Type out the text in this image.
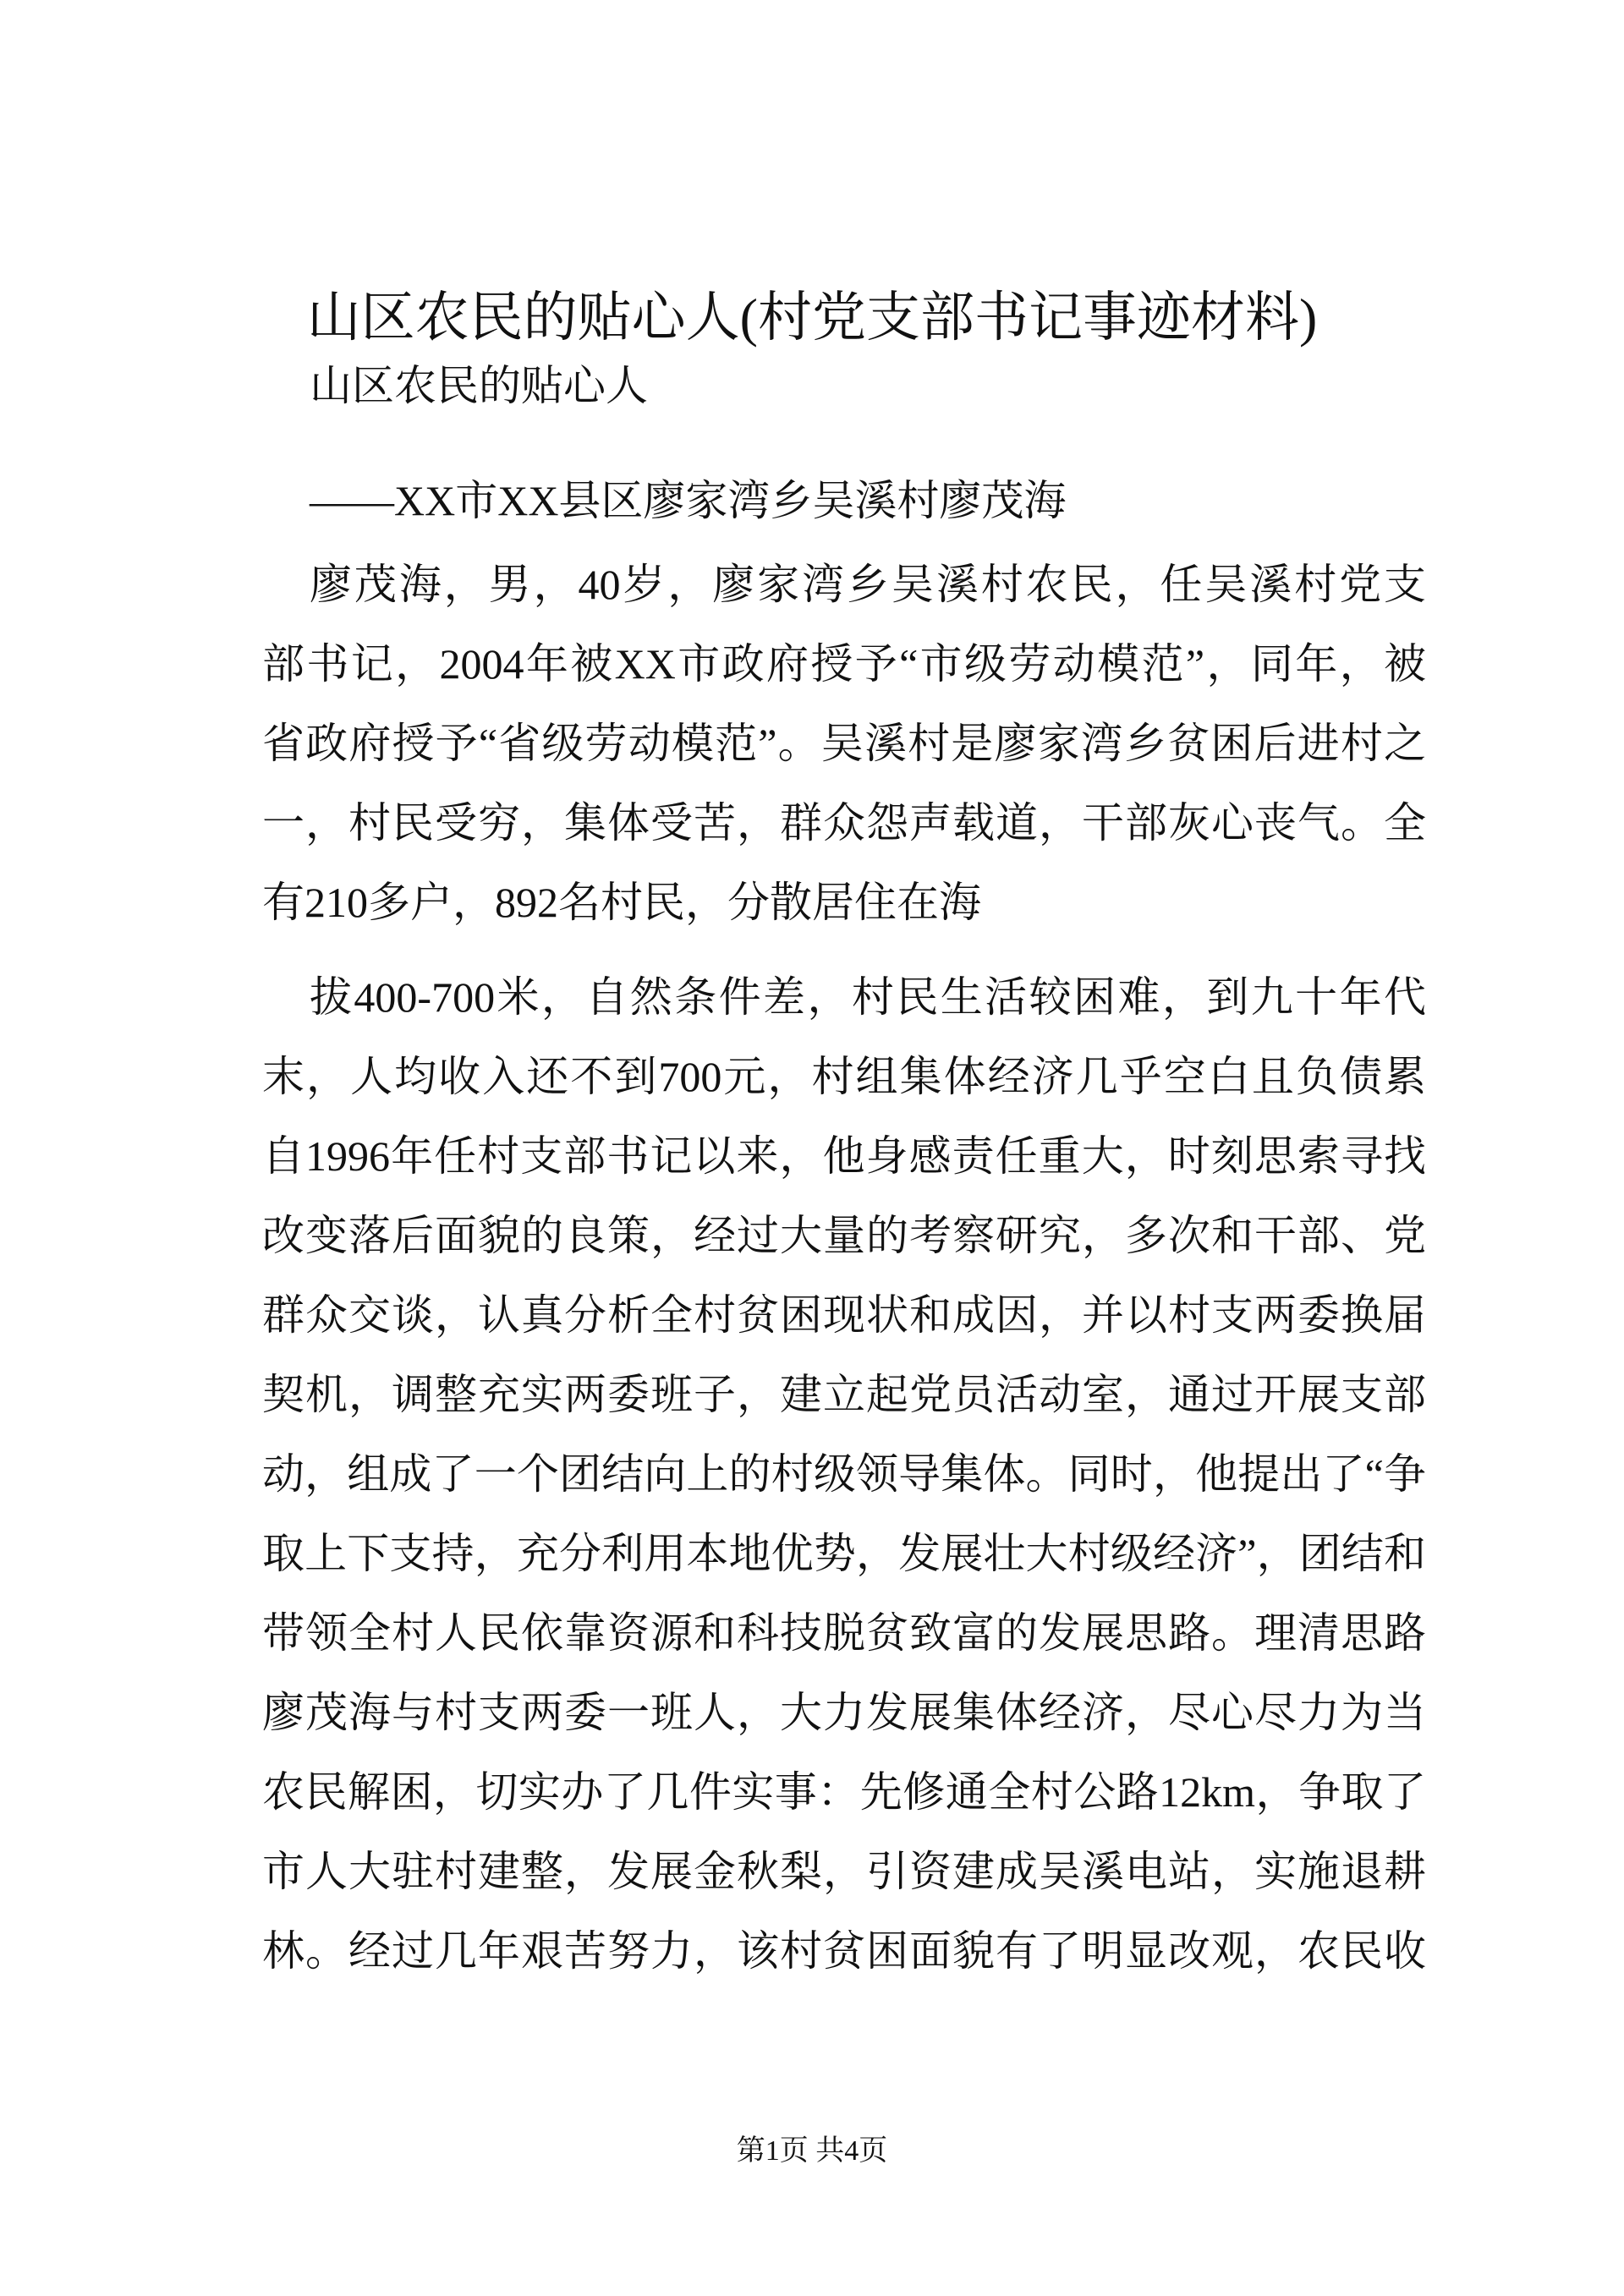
山区农民的贴心人(村党支部书记事迹材料)
山区农民的贴心人
——XX市XX县区廖家湾乡吴溪村廖茂海
廖茂海，男，40岁，廖家湾乡吴溪村农民，任吴溪村党支
部书记，2004年被XX市政府授予“市级劳动模范”，同年，被
省政府授予“省级劳动模范”。吴溪村是廖家湾乡贫困后进村之
一，村民受穷，集体受苦，群众怨声载道，干部灰心丧气。全
有210多户，892名村民，分散居住在海
拔400-700米，自然条件差，村民生活较困难，到九十年代
末，人均收入还不到700元，村组集体经济几乎空白且负债累
自1996年任村支部书记以来，他身感责任重大，时刻思索寻找
改变落后面貌的良策，经过大量的考察研究，多次和干部、党
群众交谈，认真分析全村贫困现状和成因，并以村支两委换届
契机，调整充实两委班子，建立起党员活动室，通过开展支部
动，组成了一个团结向上的村级领导集体。同时，他提出了“争
取上下支持，充分利用本地优势，发展壮大村级经济”，团结和
带领全村人民依靠资源和科技脱贫致富的发展思路。理清思路
廖茂海与村支两委一班人，大力发展集体经济，尽心尽力为当
农民解困，切实办了几件实事：先修通全村公路12km，争取了
市人大驻村建整，发展金秋梨，引资建成吴溪电站，实施退耕
林。经过几年艰苦努力，该村贫困面貌有了明显改观，农民收
第1页 共4页
